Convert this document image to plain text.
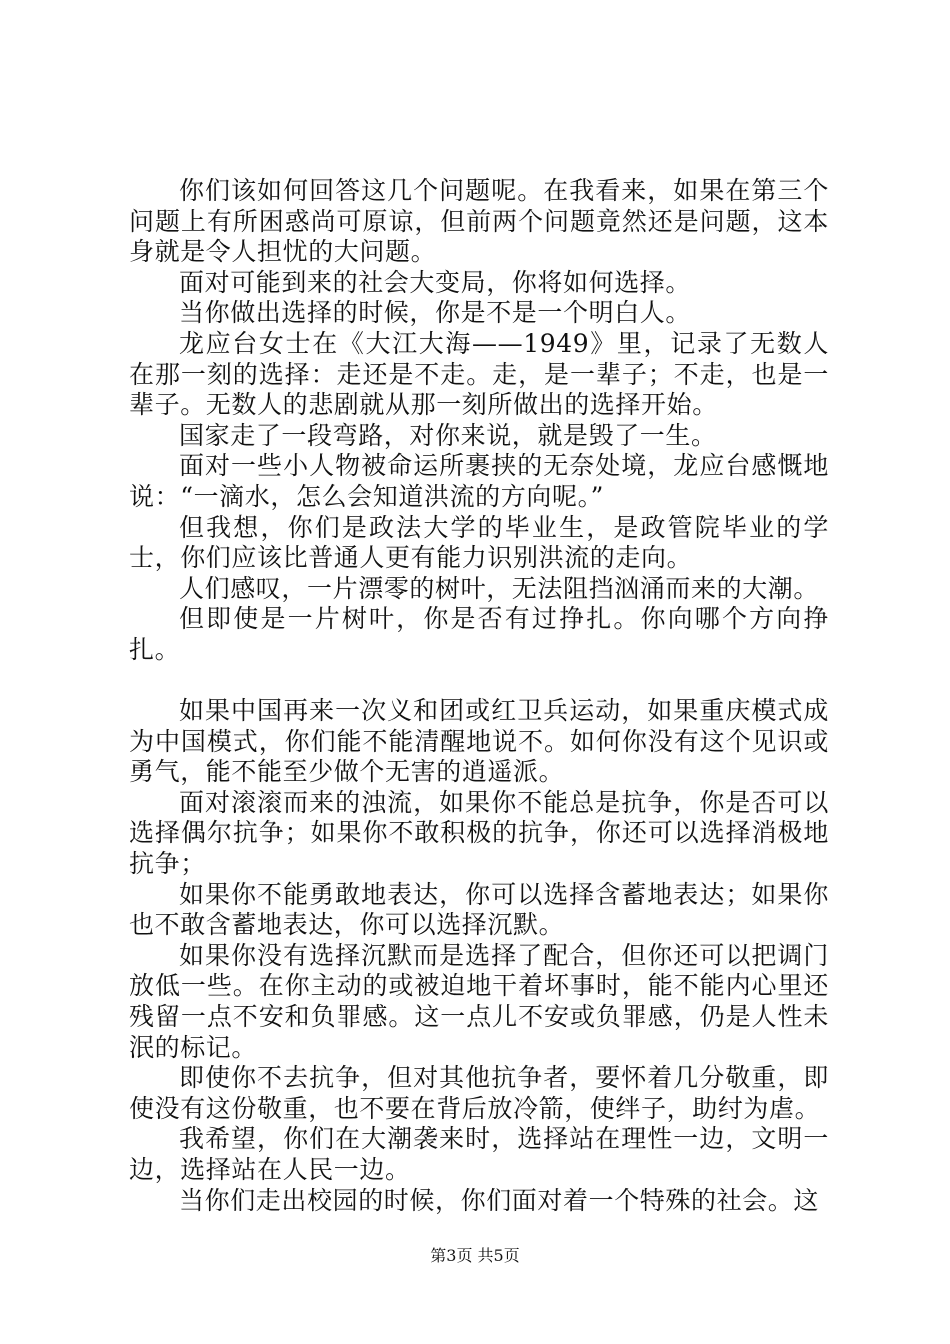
你们该如何回答这几个问题呢。在我看来，如果在第三个问题上有所困惑尚可原谅，但前两个问题竟然还是问题，这本身就是令人担忧的大问题。

面对可能到来的社会大变局，你将如何选择。

当你做出选择的时候，你是不是一个明白人。

龙应台女士在《大江大海——1949》里，记录了无数人在那一刻的选择：走还是不走。走，是一辈子；不走，也是一辈子。无数人的悲剧就从那一刻所做出的选择开始。

国家走了一段弯路，对你来说，就是毁了一生。

面对一些小人物被命运所裹挟的无奈处境，龙应台感慨地说：“一滴水，怎么会知道洪流的方向呢。”

但我想，你们是政法大学的毕业生，是政管院毕业的学士，你们应该比普通人更有能力识别洪流的走向。

人们感叹，一片漂零的树叶，无法阻挡汹涌而来的大潮。

但即使是一片树叶，你是否有过挣扎。你向哪个方向挣扎。

如果中国再来一次义和团或红卫兵运动，如果重庆模式成为中国模式，你们能不能清醒地说不。如何你没有这个见识或勇气，能不能至少做个无害的逍遥派。

面对滚滚而来的浊流，如果你不能总是抗争，你是否可以选择偶尔抗争；如果你不敢积极的抗争，你还可以选择消极地抗争；

如果你不能勇敢地表达，你可以选择含蓄地表达；如果你也不敢含蓄地表达，你可以选择沉默。

如果你没有选择沉默而是选择了配合，但你还可以把调门放低一些。在你主动的或被迫地干着坏事时，能不能内心里还残留一点不安和负罪感。这一点儿不安或负罪感，仍是人性未泯的标记。

即使你不去抗争，但对其他抗争者，要怀着几分敬重，即使没有这份敬重，也不要在背后放冷箭，使绊子，助纣为虐。

我希望，你们在大潮袭来时，选择站在理性一边，文明一边，选择站在人民一边。

当你们走出校园的时候，你们面对着一个特殊的社会。这

第3页 共5页
